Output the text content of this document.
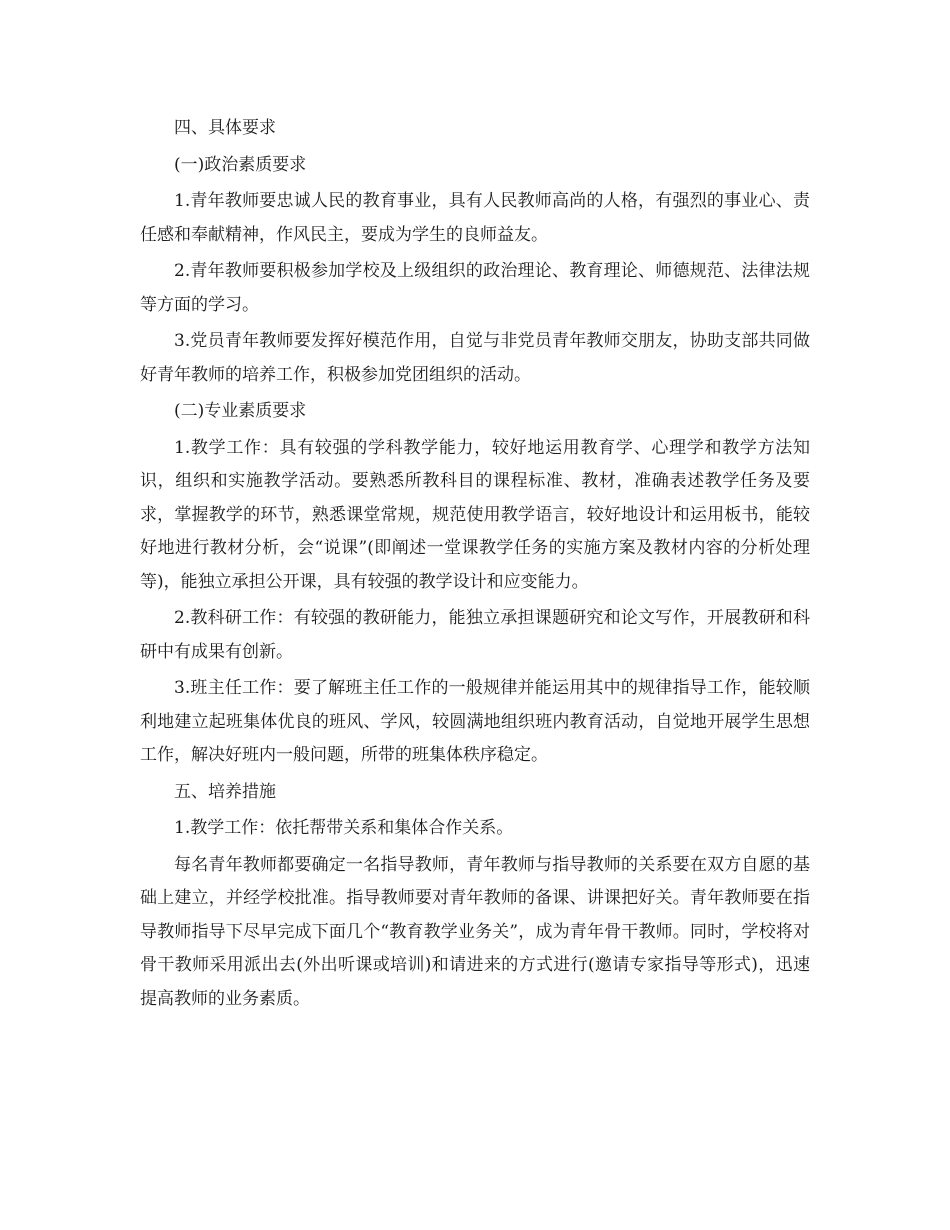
四、具体要求

(一)政治素质要求

1.青年教师要忠诚人民的教育事业，具有人民教师高尚的人格，有强烈的事业心、责任感和奉献精神，作风民主，要成为学生的良师益友。

2.青年教师要积极参加学校及上级组织的政治理论、教育理论、师德规范、法律法规等方面的学习。

3.党员青年教师要发挥好模范作用，自觉与非党员青年教师交朋友，协助支部共同做好青年教师的培养工作，积极参加党团组织的活动。

(二)专业素质要求

1.教学工作：具有较强的学科教学能力，较好地运用教育学、心理学和教学方法知识，组织和实施教学活动。要熟悉所教科目的课程标准、教材，准确表述教学任务及要求，掌握教学的环节，熟悉课堂常规，规范使用教学语言，较好地设计和运用板书，能较好地进行教材分析，会“说课”(即阐述一堂课教学任务的实施方案及教材内容的分析处理等)，能独立承担公开课，具有较强的教学设计和应变能力。

2.教科研工作：有较强的教研能力，能独立承担课题研究和论文写作，开展教研和科研中有成果有创新。

3.班主任工作：要了解班主任工作的一般规律并能运用其中的规律指导工作，能较顺利地建立起班集体优良的班风、学风，较圆满地组织班内教育活动，自觉地开展学生思想工作，解决好班内一般问题，所带的班集体秩序稳定。

五、培养措施

1.教学工作：依托帮带关系和集体合作关系。

每名青年教师都要确定一名指导教师，青年教师与指导教师的关系要在双方自愿的基础上建立，并经学校批准。指导教师要对青年教师的备课、讲课把好关。青年教师要在指导教师指导下尽早完成下面几个“教育教学业务关”，成为青年骨干教师。同时，学校将对骨干教师采用派出去(外出听课或培训)和请进来的方式进行(邀请专家指导等形式)，迅速提高教师的业务素质。
